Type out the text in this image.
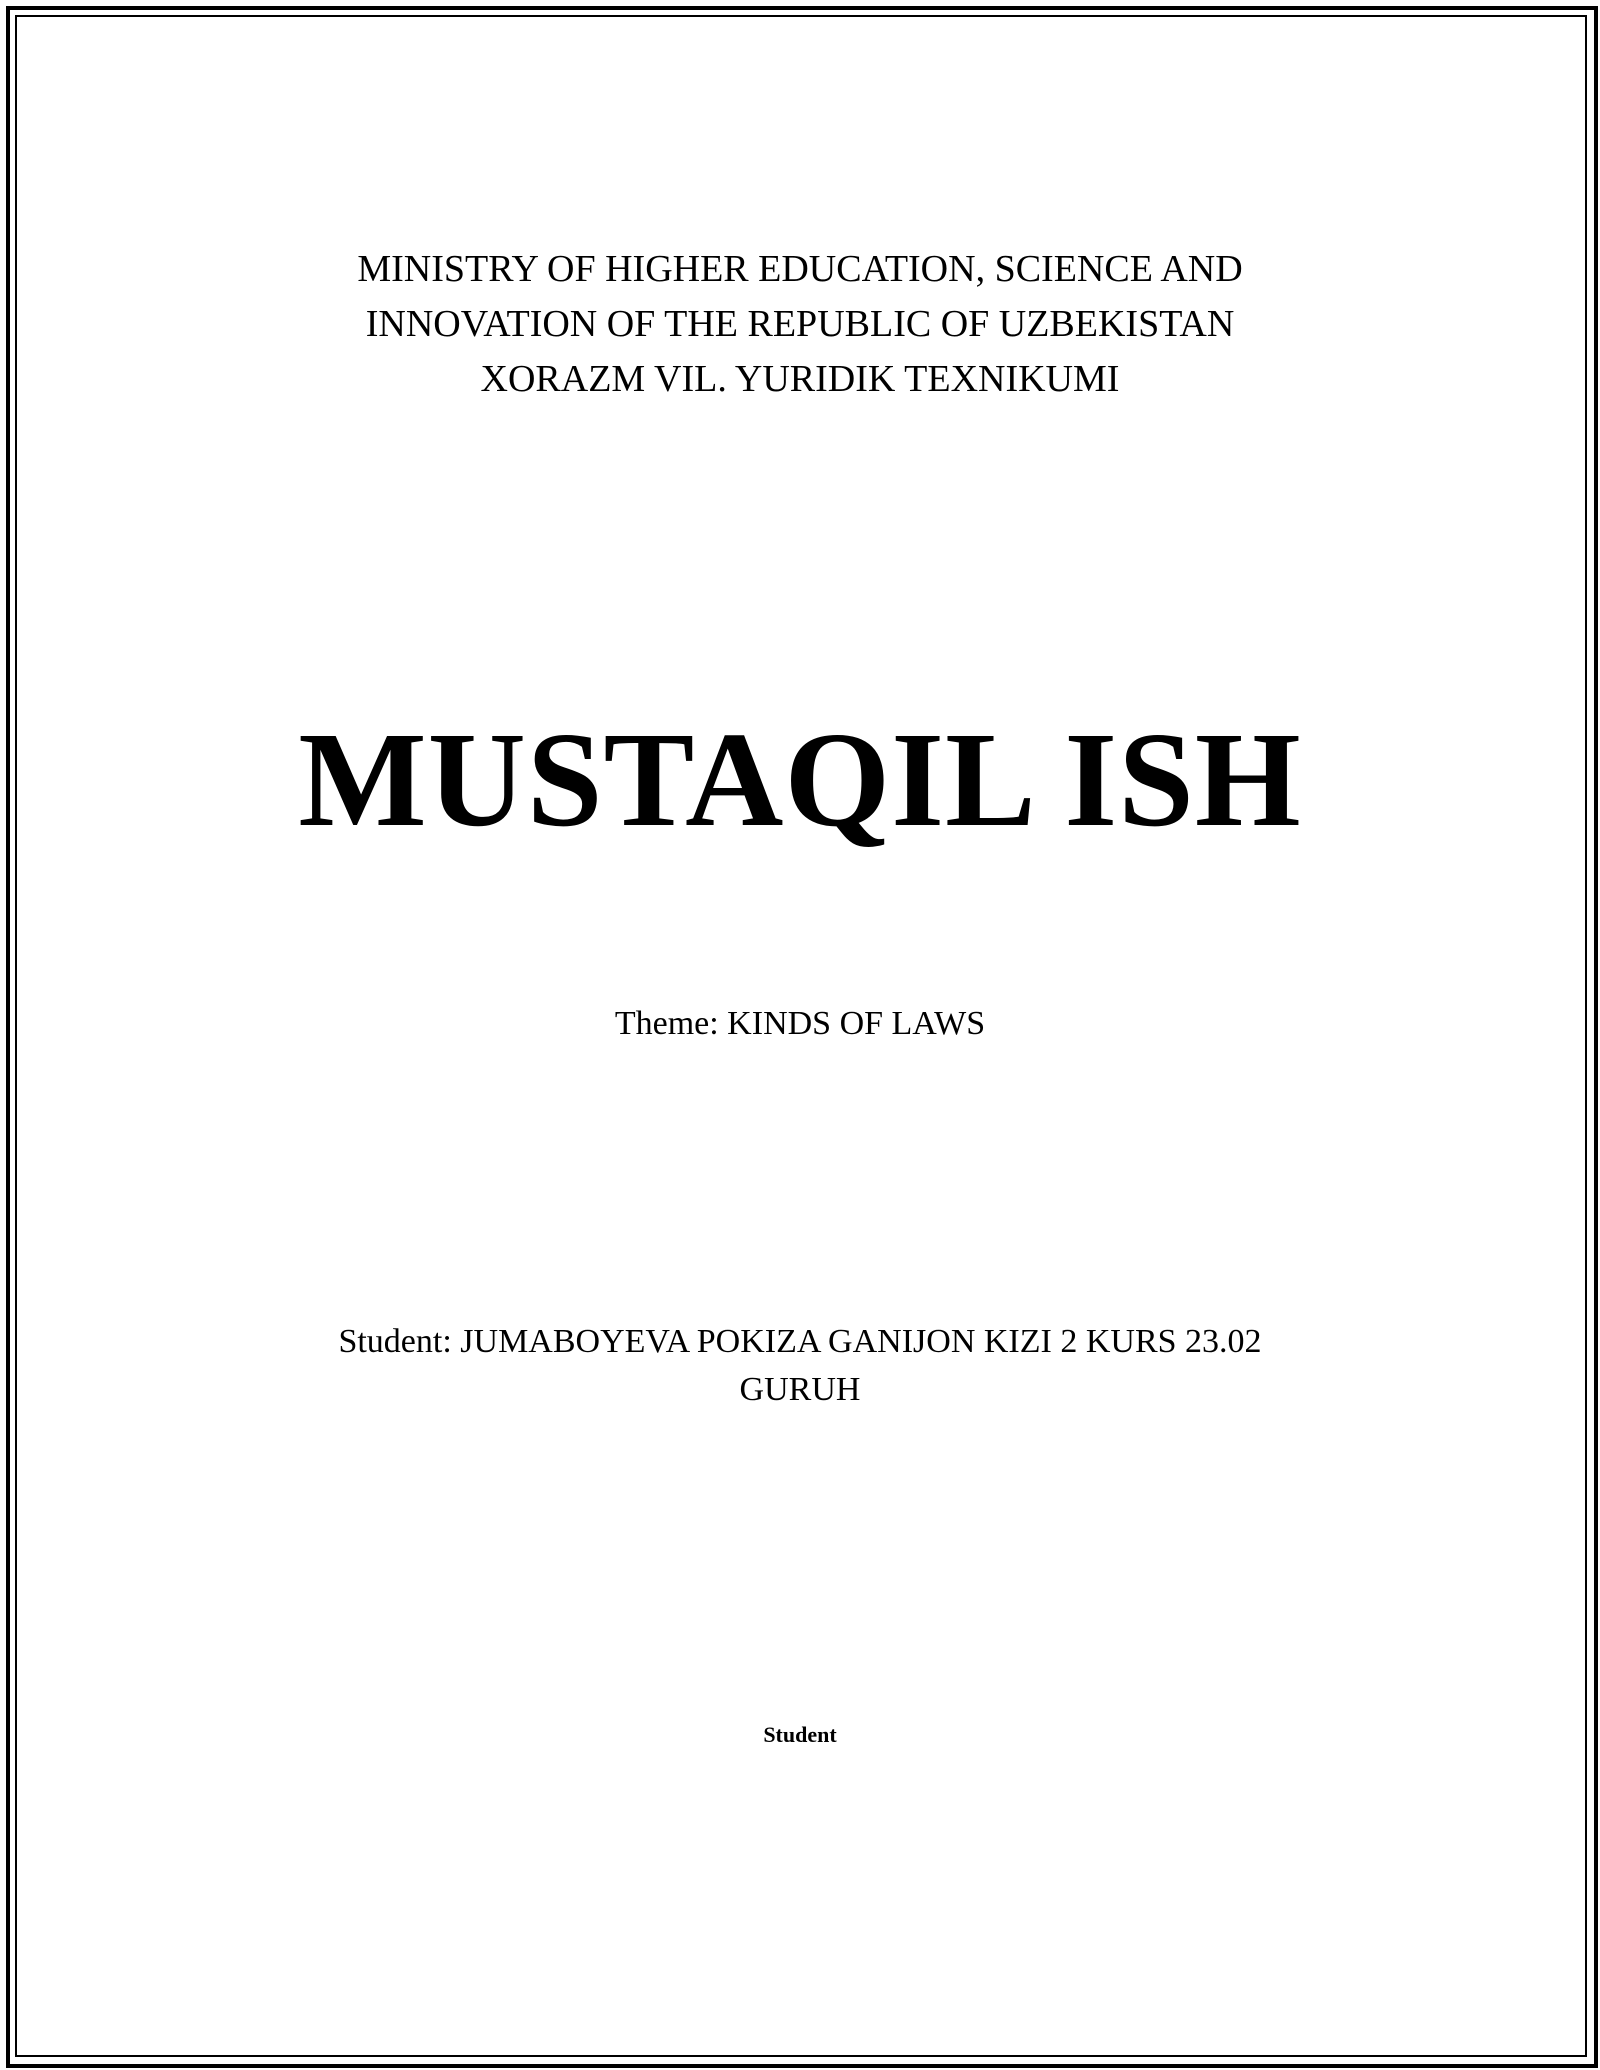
MINISTRY OF HIGHER EDUCATION, SCIENCE AND
INNOVATION OF THE REPUBLIC OF UZBEKISTAN
XORAZM VIL. YURIDIK TEXNIKUMI
MUSTAQIL ISH
Theme: KINDS OF LAWS
Student: JUMABOYEVA POKIZA GANIJON KIZI 2 KURS 23.02
GURUH
Student
